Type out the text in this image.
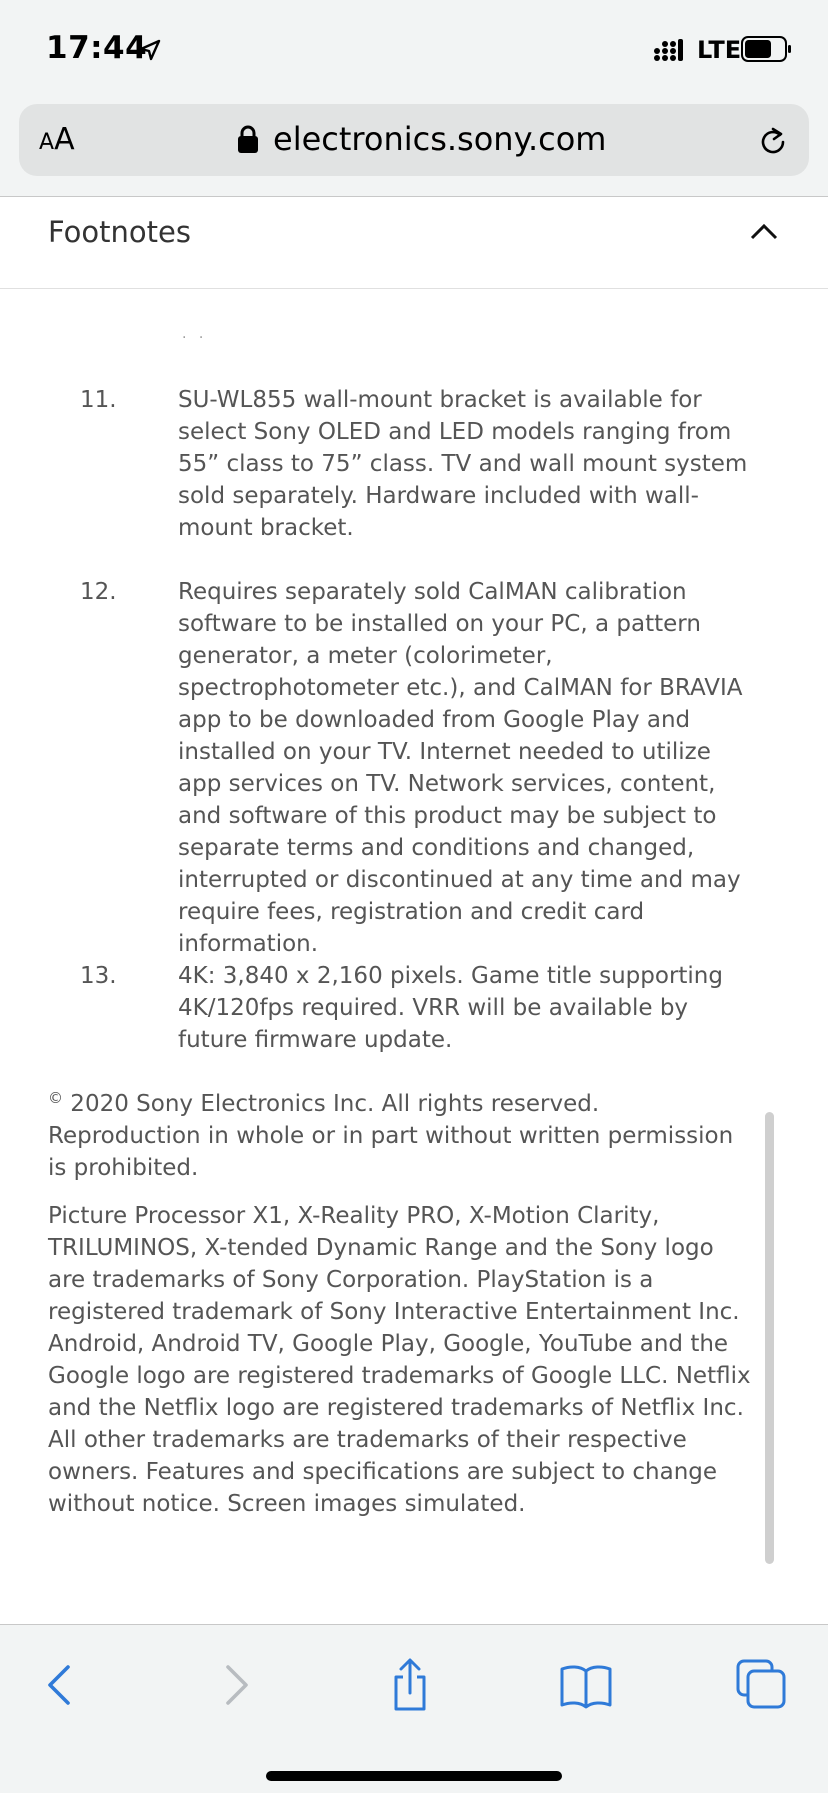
17:44	LTE
AA	electronics.sony.com
Footnotes
· ·
11.	SU-WL855 wall-mount bracket is available for select Sony OLED and LED models ranging from 55” class to 75” class. TV and wall mount system sold separately. Hardware included with wall-mount bracket.
12.	Requires separately sold CalMAN calibration software to be installed on your PC, a pattern generator, a meter (colorimeter, spectrophotometer etc.), and CalMAN for BRAVIA app to be downloaded from Google Play and installed on your TV. Internet needed to utilize app services on TV. Network services, content, and software of this product may be subject to separate terms and conditions and changed, interrupted or discontinued at any time and may require fees, registration and credit card information.
13.	4K: 3,840 x 2,160 pixels. Game title supporting 4K/120fps required. VRR will be available by future firmware update.
© 2020 Sony Electronics Inc. All rights reserved. Reproduction in whole or in part without written permission is prohibited.
Picture Processor X1, X-Reality PRO, X-Motion Clarity, TRILUMINOS, X-tended Dynamic Range and the Sony logo are trademarks of Sony Corporation. PlayStation is a registered trademark of Sony Interactive Entertainment Inc. Android, Android TV, Google Play, Google, YouTube and the Google logo are registered trademarks of Google LLC. Netflix and the Netflix logo are registered trademarks of Netflix Inc. All other trademarks are trademarks of their respective owners. Features and specifications are subject to change without notice. Screen images simulated.
